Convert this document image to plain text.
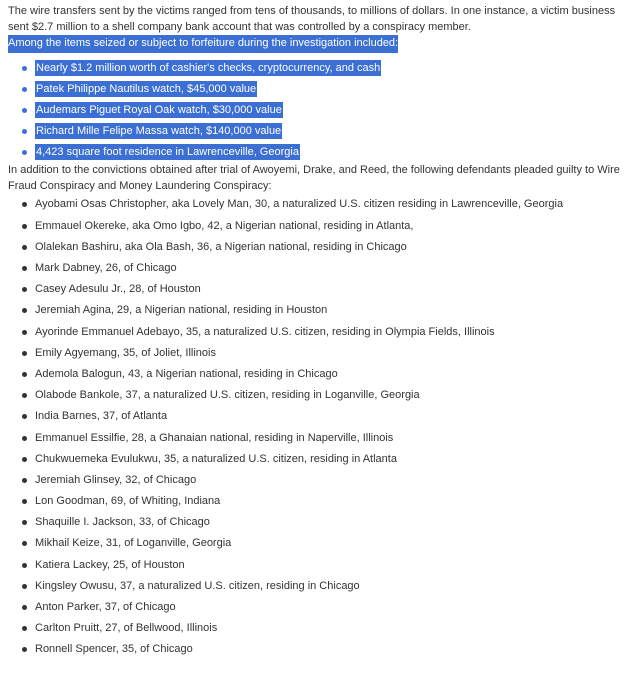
The wire transfers sent by the victims ranged from tens of thousands, to millions of dollars. In one instance, a victim business sent $2.7 million to a shell company bank account that was controlled by a conspiracy member.

Among the items seized or subject to forfeiture during the investigation included:

Nearly $1.2 million worth of cashier's checks, cryptocurrency, and cash
Patek Philippe Nautilus watch, $45,000 value
Audemars Piguet Royal Oak watch, $30,000 value
Richard Mille Felipe Massa watch, $140,000 value
4,423 square foot residence in Lawrenceville, Georgia

In addition to the convictions obtained after trial of Awoyemi, Drake, and Reed, the following defendants pleaded guilty to Wire Fraud Conspiracy and Money Laundering Conspiracy:

Ayobami Osas Christopher, aka Lovely Man, 30, a naturalized U.S. citizen residing in Lawrenceville, Georgia
Emmauel Okereke, aka Omo Igbo, 42, a Nigerian national, residing in Atlanta,
Olalekan Bashiru, aka Ola Bash, 36, a Nigerian national, residing in Chicago
Mark Dabney, 26, of Chicago
Casey Adesulu Jr., 28, of Houston
Jeremiah Agina, 29, a Nigerian national, residing in Houston
Ayorinde Emmanuel Adebayo, 35, a naturalized U.S. citizen, residing in Olympia Fields, Illinois
Emily Agyemang, 35, of Joliet, Illinois
Ademola Balogun, 43, a Nigerian national, residing in Chicago
Olabode Bankole, 37, a naturalized U.S. citizen, residing in Loganville, Georgia
India Barnes, 37, of Atlanta
Emmanuel Essilfie, 28, a Ghanaian national, residing in Naperville, Illinois
Chukwuemeka Evulukwu, 35, a naturalized U.S. citizen, residing in Atlanta
Jeremiah Glinsey, 32, of Chicago
Lon Goodman, 69, of Whiting, Indiana
Shaquille I. Jackson, 33, of Chicago
Mikhail Keize, 31, of Loganville, Georgia
Katiera Lackey, 25, of Houston
Kingsley Owusu, 37, a naturalized U.S. citizen, residing in Chicago
Anton Parker, 37, of Chicago
Carlton Pruitt, 27, of Bellwood, Illinois
Ronnell Spencer, 35, of Chicago
